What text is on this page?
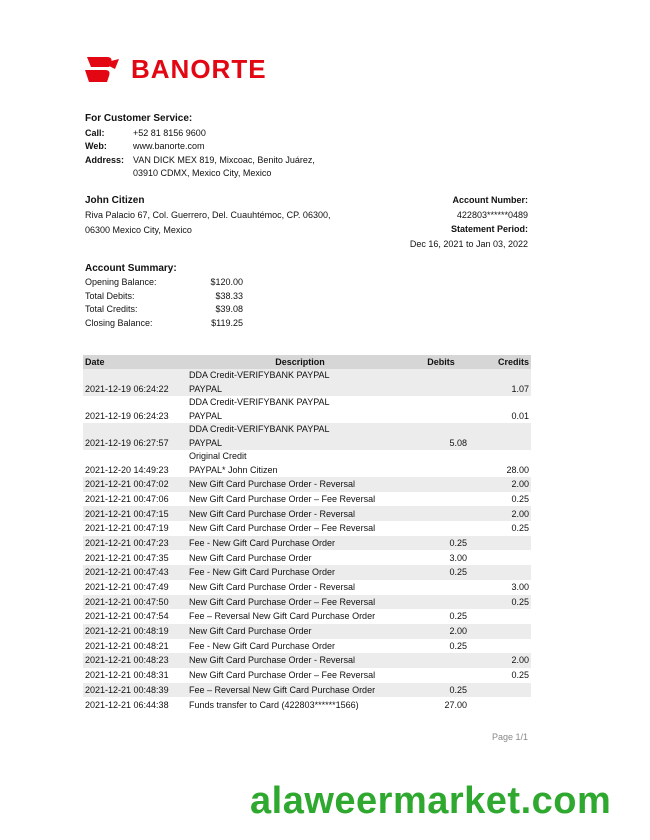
BANORTE
For Customer Service:
Call:	+52 81 8156 9600
Web:	www.banorte.com
Address: VAN DICK MEX 819, Mixcoac, Benito Juárez,
03910 CDMX, Mexico City, Mexico
John Citizen
Riva Palacio 67, Col. Guerrero, Del. Cuauhtémoc, CP. 06300,
06300 Mexico City, Mexico
Account Number:
422803******0489
Statement Period:
Dec 16, 2021 to Jan 03, 2022
Account Summary:
Opening Balance:	$120.00
Total Debits:	$38.33
Total Credits:	$39.08
Closing Balance:	$119.25
Date	Description	Debits	Credits
2021-12-19 06:24:22	DDA Credit-VERIFYBANK PAYPAL
PAYPAL		1.07
2021-12-19 06:24:23	DDA Credit-VERIFYBANK PAYPAL
PAYPAL		0.01
2021-12-19 06:27:57	DDA Credit-VERIFYBANK PAYPAL
PAYPAL	5.08	
2021-12-20 14:49:23	Original Credit
PAYPAL* John Citizen		28.00
2021-12-21 00:47:02	New Gift Card Purchase Order - Reversal		2.00
2021-12-21 00:47:06	New Gift Card Purchase Order – Fee Reversal		0.25
2021-12-21 00:47:15	New Gift Card Purchase Order - Reversal		2.00
2021-12-21 00:47:19	New Gift Card Purchase Order – Fee Reversal		0.25
2021-12-21 00:47:23	Fee - New Gift Card Purchase Order	0.25	
2021-12-21 00:47:35	New Gift Card Purchase Order	3.00	
2021-12-21 00:47:43	Fee - New Gift Card Purchase Order	0.25	
2021-12-21 00:47:49	New Gift Card Purchase Order - Reversal		3.00
2021-12-21 00:47:50	New Gift Card Purchase Order – Fee Reversal		0.25
2021-12-21 00:47:54	Fee – Reversal New Gift Card Purchase Order	0.25	
2021-12-21 00:48:19	New Gift Card Purchase Order	2.00	
2021-12-21 00:48:21	Fee - New Gift Card Purchase Order	0.25	
2021-12-21 00:48:23	New Gift Card Purchase Order - Reversal		2.00
2021-12-21 00:48:31	New Gift Card Purchase Order – Fee Reversal		0.25
2021-12-21 00:48:39	Fee – Reversal New Gift Card Purchase Order	0.25	
2021-12-21 06:44:38	Funds transfer to Card (422803******1566)	27.00	
Page 1/1
alaweermarket.com
